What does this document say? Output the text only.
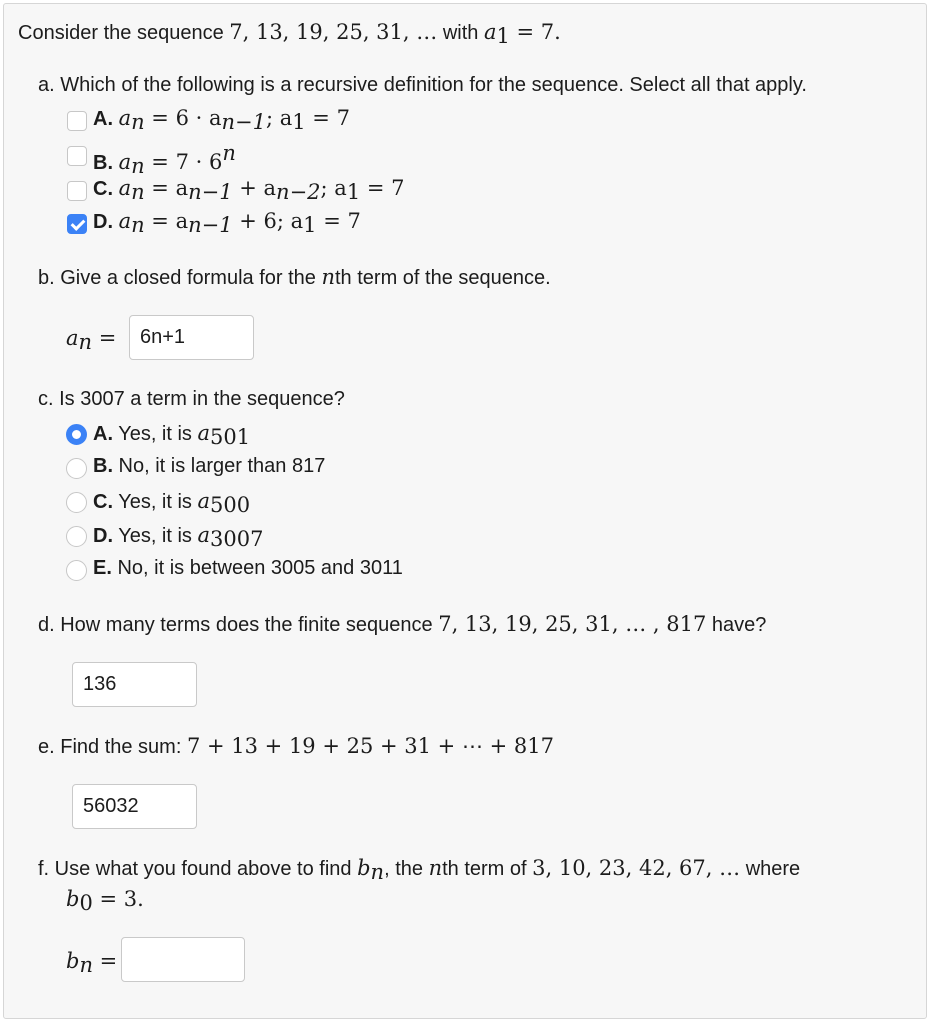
Consider the sequence 7, 13, 19, 25, 31, … with $a_1 = 7$.
a. Which of the following is a recursive definition for the sequence. Select all that apply.
A. $a_n = 6 \cdot a_{n-1}$; $a_1 = 7$
B. $a_n = 7 \cdot 6^n$
C. $a_n = a_{n-1} + a_{n-2}$; $a_1 = 7$
D. $a_n = a_{n-1} + 6$; $a_1 = 7$
b. Give a closed formula for the nth term of the sequence.
$a_n$ =	6n+1
c. Is 3007 a term in the sequence?
A. Yes, it is $a_{501}$
B. No, it is larger than 817
C. Yes, it is $a_{500}$
D. Yes, it is $a_{3007}$
E. No, it is between 3005 and 3011
d. How many terms does the finite sequence 7, 13, 19, 25, 31, … , 817 have?
136
e. Find the sum: 7 + 13 + 19 + 25 + 31 + ⋯ + 817
56032
f. Use what you found above to find $b_n$, the nth term of 3, 10, 23, 42, 67, … where
$b_0 = 3$.
$b_n$ =
